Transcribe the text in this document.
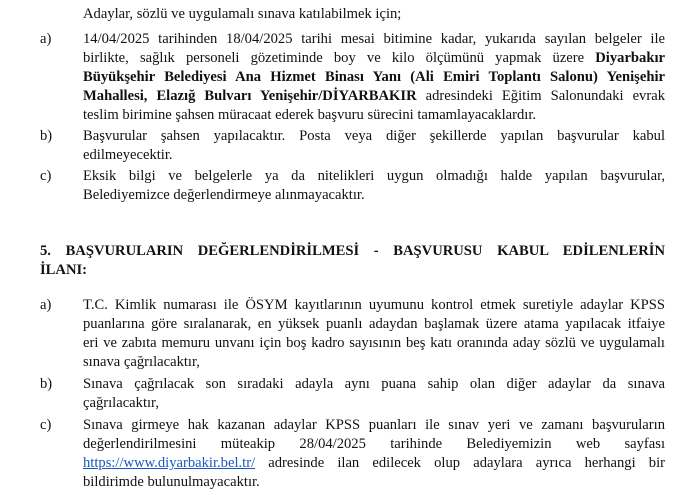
Adaylar, sözlü ve uygulamalı sınava katılabilmek için;
a) 14/04/2025 tarihinden 18/04/2025 tarihi mesai bitimine kadar, yukarıda sayılan belgeler ile
birlikte, sağlık personeli gözetiminde boy ve kilo ölçümünü yapmak üzere Diyarbakır
Büyükşehir Belediyesi Ana Hizmet Binası Yanı (Ali Emiri Toplantı Salonu) Yenişehir
Mahallesi, Elazığ Bulvarı Yenişehir/DİYARBAKIR adresindeki Eğitim Salonundaki evrak
teslim birimine şahsen müracaat ederek başvuru sürecini tamamlayacaklardır.
b) Başvurular şahsen yapılacaktır. Posta veya diğer şekillerde yapılan başvurular kabul
edilmeyecektir.
c) Eksik bilgi ve belgelerle ya da nitelikleri uygun olmadığı halde yapılan başvurular,
Belediyemizce değerlendirmeye alınmayacaktır.
5. BAŞVURULARIN DEĞERLENDİRİLMESİ - BAŞVURUSU KABUL EDİLENLERİN
İLANI:
a) T.C. Kimlik numarası ile ÖSYM kayıtlarının uyumunu kontrol etmek suretiyle adaylar KPSS
puanlarına göre sıralanarak, en yüksek puanlı adaydan başlamak üzere atama yapılacak itfaiye
eri ve zabıta memuru unvanı için boş kadro sayısının beş katı oranında aday sözlü ve uygulamalı
sınava çağrılacaktır,
b) Sınava çağrılacak son sıradaki adayla aynı puana sahip olan diğer adaylar da sınava
çağrılacaktır,
c) Sınava girmeye hak kazanan adaylar KPSS puanları ile sınav yeri ve zamanı başvuruların
değerlendirilmesini müteakip 28/04/2025 tarihinde Belediyemizin web sayfası
https://www.diyarbakir.bel.tr/ adresinde ilan edilecek olup adaylara ayrıca herhangi bir
bildirimde bulunulmayacaktır.
